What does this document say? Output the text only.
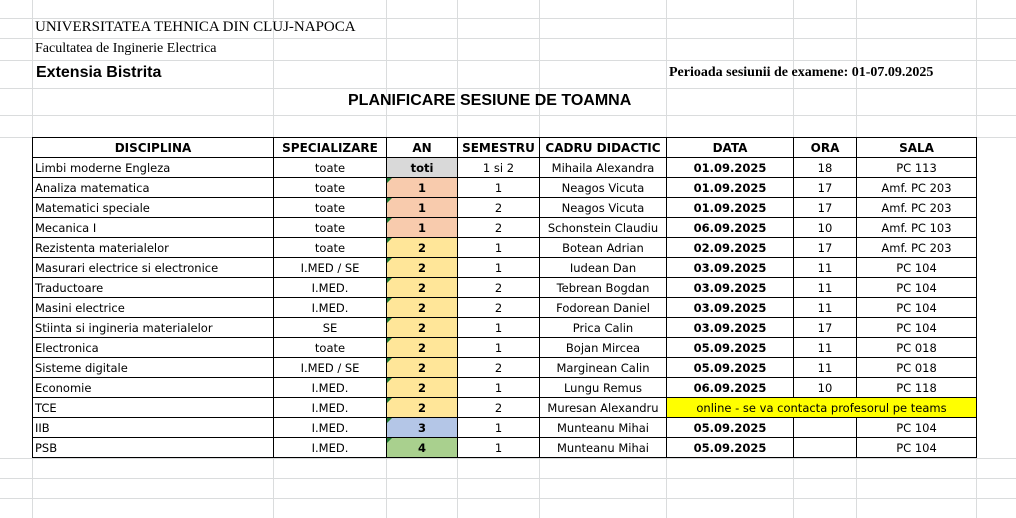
UNIVERSITATEA TEHNICA DIN CLUJ-NAPOCA
Facultatea de Inginerie Electrica
Extensia Bistrita	Perioada sesiunii de examene: 01-07.09.2025
PLANIFICARE SESIUNE DE TOAMNA
DISCIPLINA	SPECIALIZARE	AN	SEMESTRU	CADRU DIDACTIC	DATA	ORA	SALA
Limbi moderne Engleza	toate	toti	1 si 2	Mihaila Alexandra	01.09.2025	18	PC 113
Analiza matematica	toate	1	1	Neagos Vicuta	01.09.2025	17	Amf. PC 203
Matematici speciale	toate	1	2	Neagos Vicuta	01.09.2025	17	Amf. PC 203
Mecanica I	toate	1	2	Schonstein Claudiu	06.09.2025	10	Amf. PC 103
Rezistenta materialelor	toate	2	1	Botean Adrian	02.09.2025	17	Amf. PC 203
Masurari electrice si electronice	I.MED / SE	2	1	Iudean Dan	03.09.2025	11	PC 104
Traductoare	I.MED.	2	2	Tebrean Bogdan	03.09.2025	11	PC 104
Masini electrice	I.MED.	2	2	Fodorean Daniel	03.09.2025	11	PC 104
Stiinta si ingineria materialelor	SE	2	1	Prica Calin	03.09.2025	17	PC 104
Electronica	toate	2	1	Bojan Mircea	05.09.2025	11	PC 018
Sisteme digitale	I.MED / SE	2	2	Marginean Calin	05.09.2025	11	PC 018
Economie	I.MED.	2	1	Lungu Remus	06.09.2025	10	PC 118
TCE	I.MED.	2	2	Muresan Alexandru	online - se va contacta profesorul pe teams		
IIB	I.MED.	3	1	Munteanu Mihai	05.09.2025		PC 104
PSB	I.MED.	4	1	Munteanu Mihai	05.09.2025		PC 104
